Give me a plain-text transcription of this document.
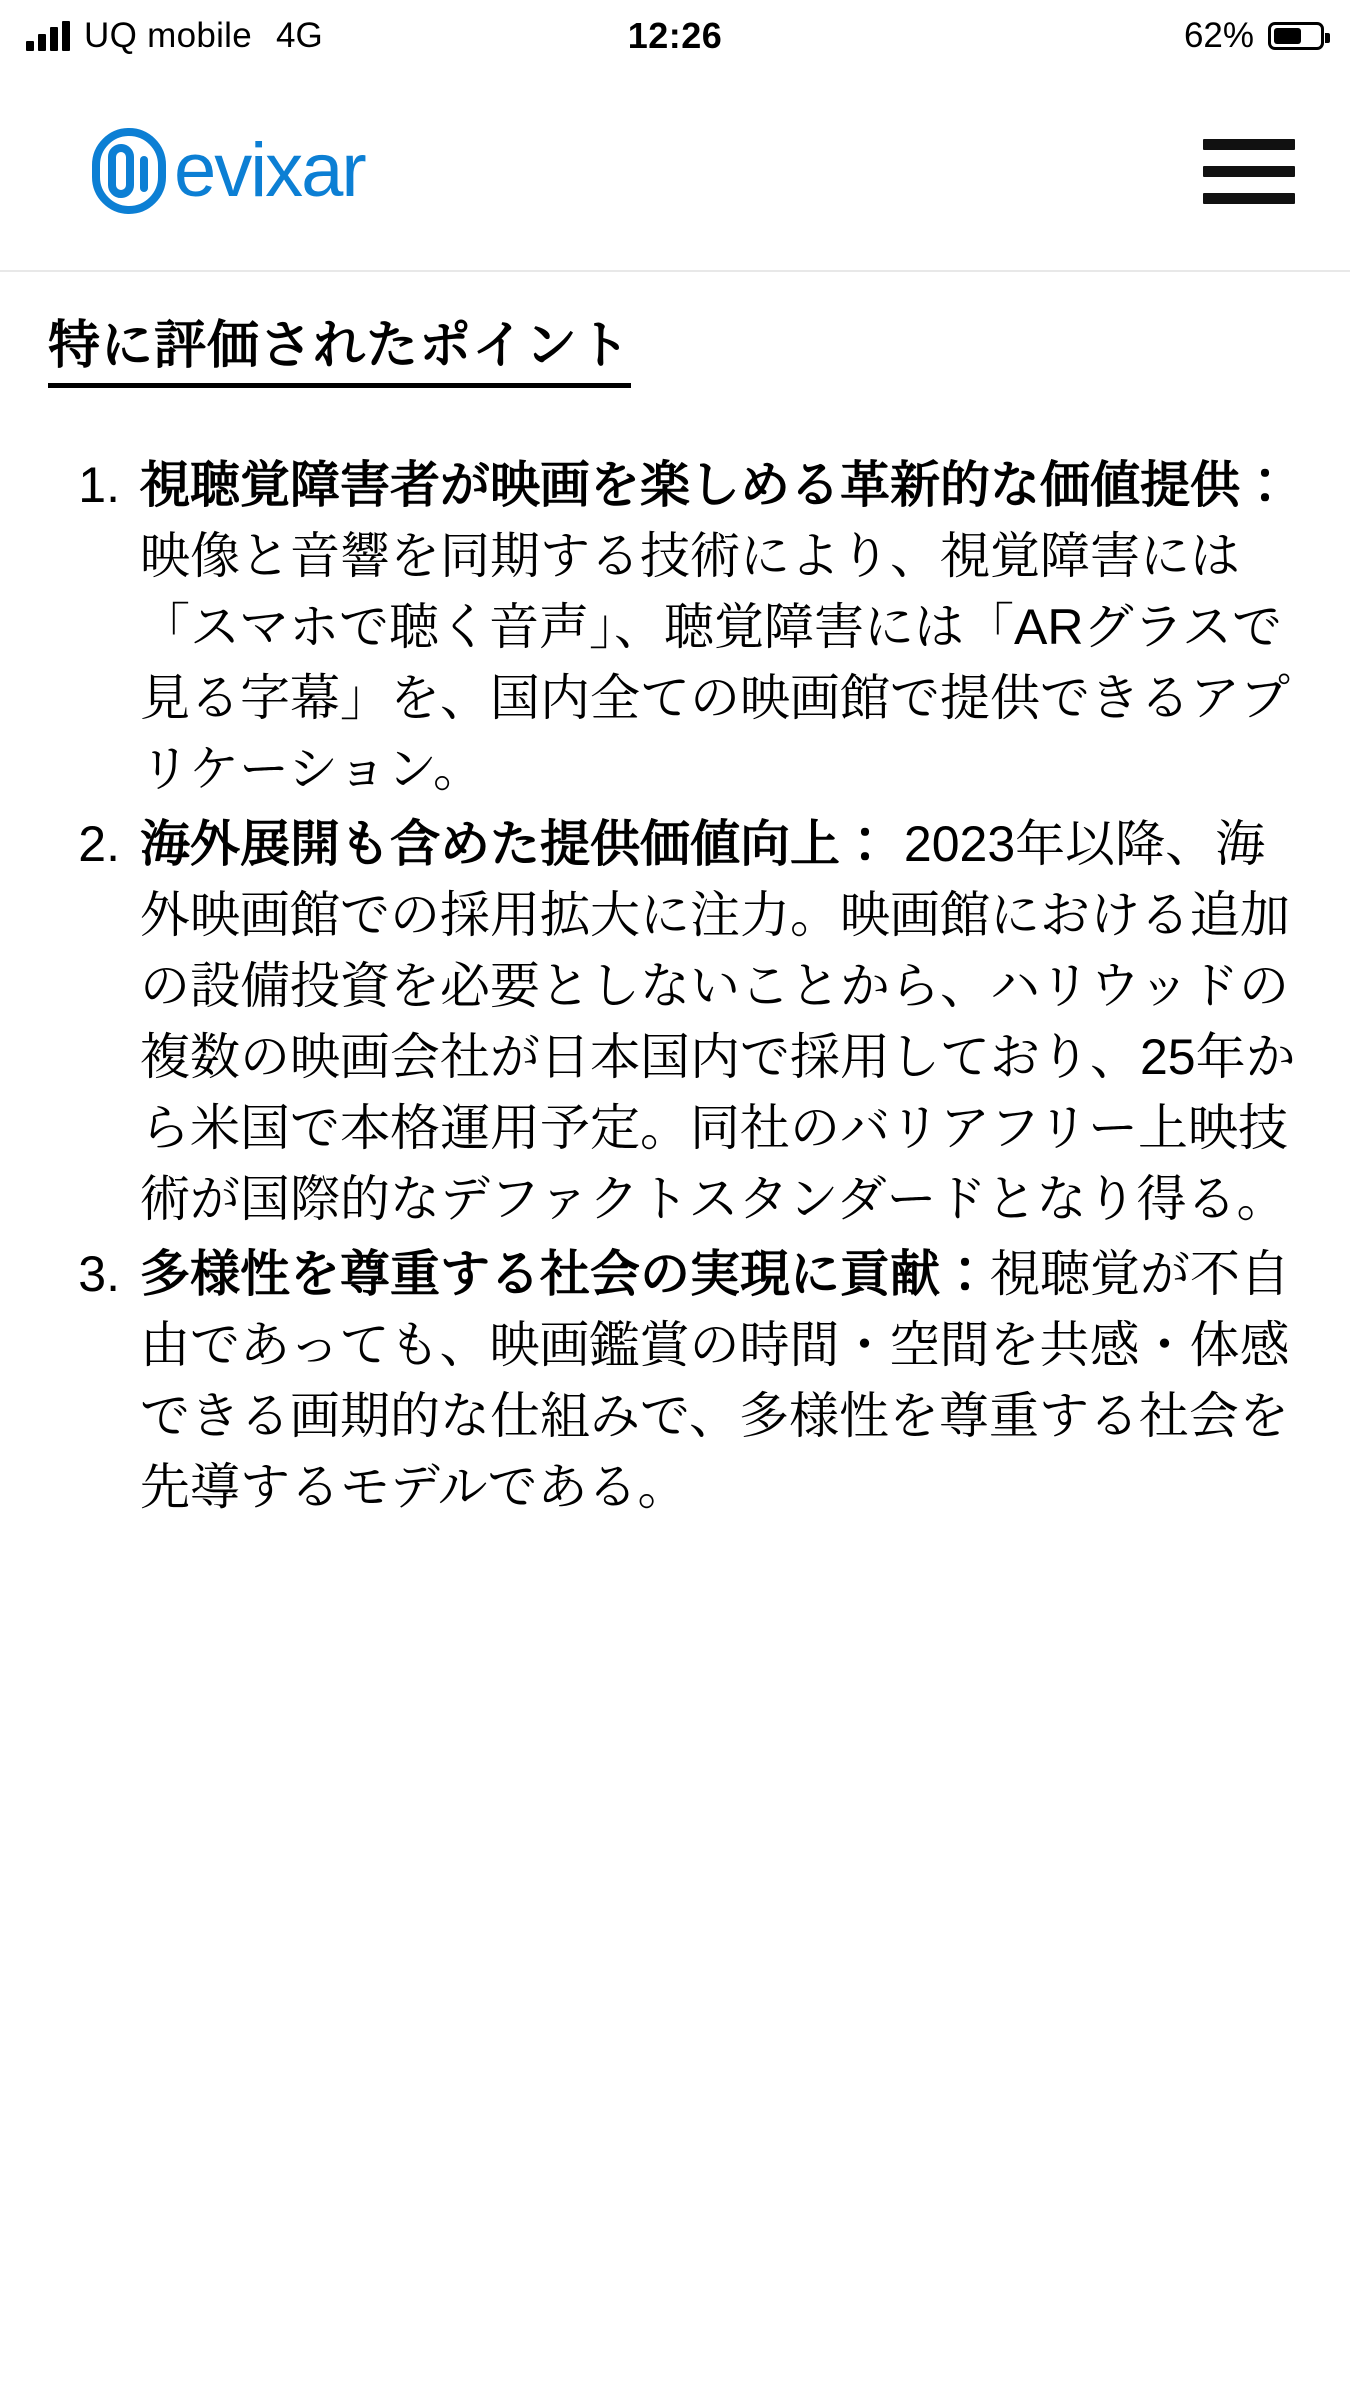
UQ mobile 4G	12:26	62%
evixar
特に評価されたポイント
視聴覚障害者が映画を楽しめる革新的な価値提供： 映像と音響を同期する技術により、視覚障害には「スマホで聴く音声」、聴覚障害には「ARグラスで見る字幕」を、国内全ての映画館で提供できるアプリケーション。
海外展開も含めた提供価値向上： 2023年以降、海外映画館での採用拡大に注力。映画館における追加の設備投資を必要としないことから、ハリウッドの複数の映画会社が日本国内で採用しており、25年から米国で本格運用予定。同社のバリアフリー上映技術が国際的なデファクトスタンダードとなり得る。
多様性を尊重する社会の実現に貢献：視聴覚が不自由であっても、映画鑑賞の時間・空間を共感・体感できる画期的な仕組みで、多様性を尊重する社会を先導するモデルである。
